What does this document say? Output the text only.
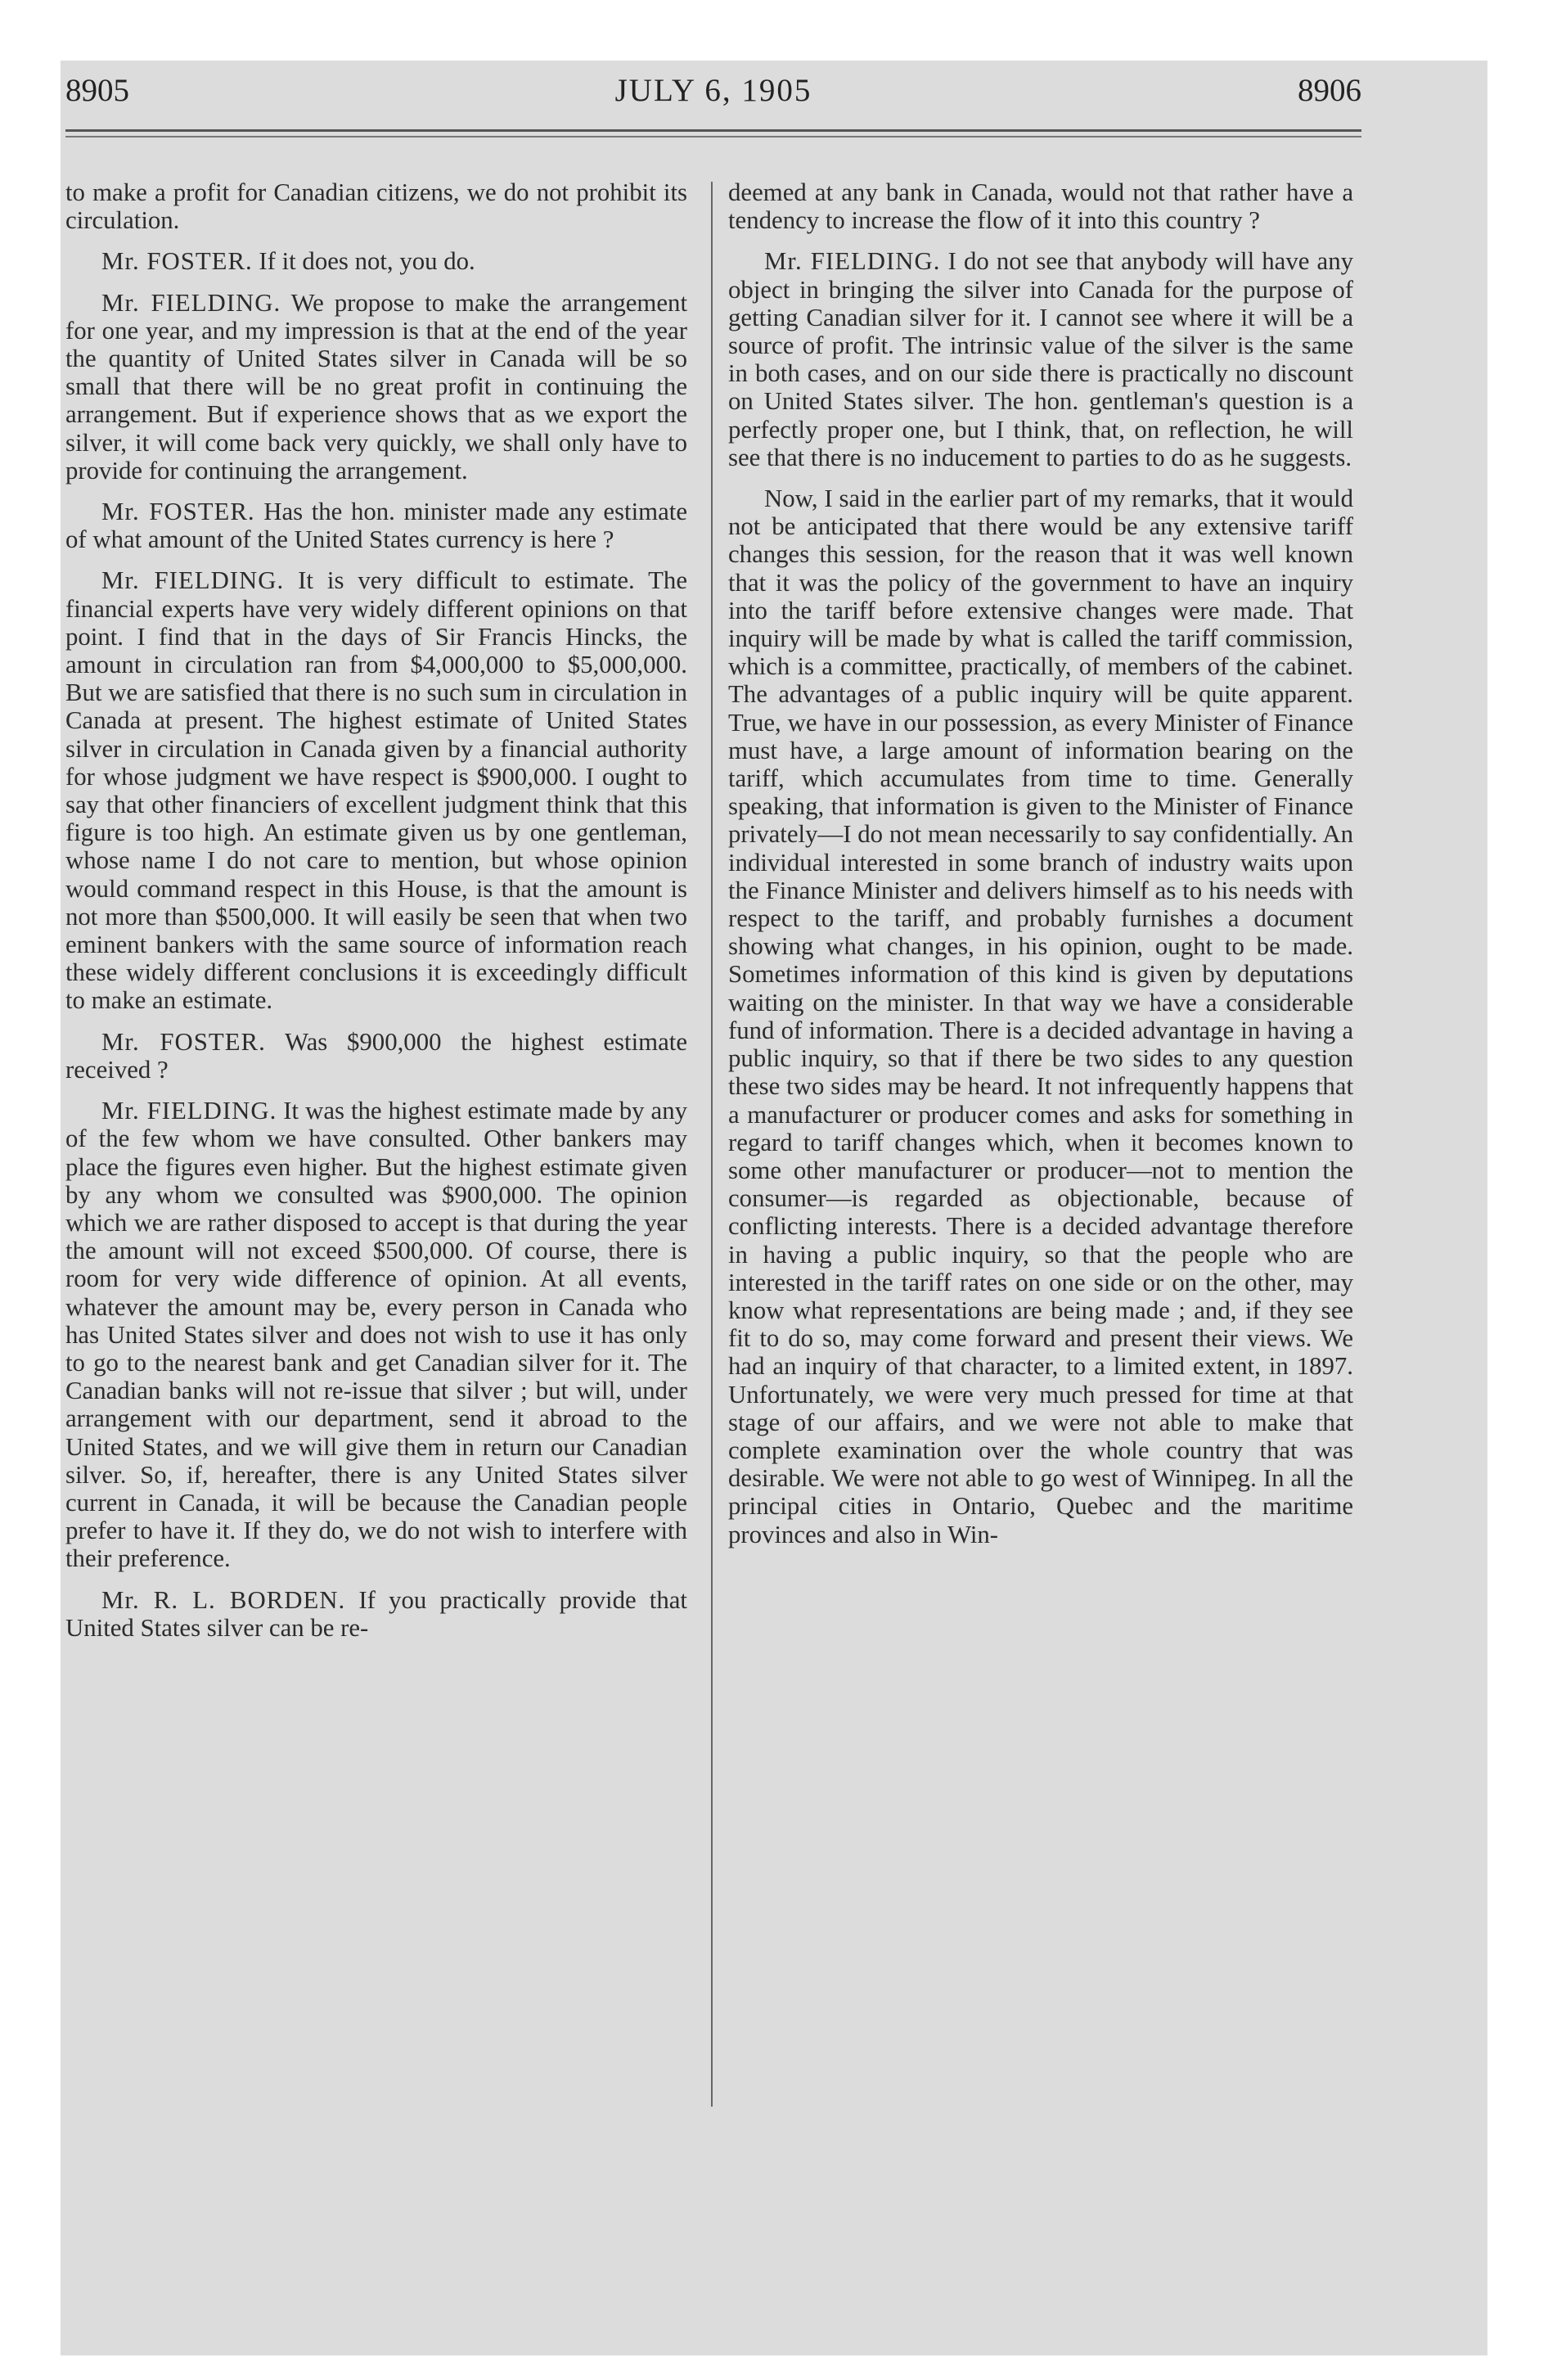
8905	JULY 6, 1905	8906

to make a profit for Canadian citizens, we do not prohibit its circulation.

Mr. FOSTER. If it does not, you do.

Mr. FIELDING. We propose to make the arrangement for one year, and my impression is that at the end of the year the quantity of United States silver in Canada will be so small that there will be no great profit in continuing the arrangement. But if experience shows that as we export the silver, it will come back very quickly, we shall only have to provide for continuing the arrangement.

Mr. FOSTER. Has the hon. minister made any estimate of what amount of the United States currency is here ?

Mr. FIELDING. It is very difficult to estimate. The financial experts have very widely different opinions on that point. I find that in the days of Sir Francis Hincks, the amount in circulation ran from $4,000,000 to $5,000,000. But we are satisfied that there is no such sum in circulation in Canada at present. The highest estimate of United States silver in circulation in Canada given by a financial authority for whose judgment we have respect is $900,000. I ought to say that other financiers of excellent judgment think that this figure is too high. An estimate given us by one gentleman, whose name I do not care to mention, but whose opinion would command respect in this House, is that the amount is not more than $500,000. It will easily be seen that when two eminent bankers with the same source of information reach these widely different conclusions it is exceedingly difficult to make an estimate.

Mr. FOSTER. Was $900,000 the highest estimate received ?

Mr. FIELDING. It was the highest estimate made by any of the few whom we have consulted. Other bankers may place the figures even higher. But the highest estimate given by any whom we consulted was $900,000. The opinion which we are rather disposed to accept is that during the year the amount will not exceed $500,000. Of course, there is room for very wide difference of opinion. At all events, whatever the amount may be, every person in Canada who has United States silver and does not wish to use it has only to go to the nearest bank and get Canadian silver for it. The Canadian banks will not re-issue that silver ; but will, under arrangement with our department, send it abroad to the United States, and we will give them in return our Canadian silver. So, if, hereafter, there is any United States silver current in Canada, it will be because the Canadian people prefer to have it. If they do, we do not wish to interfere with their preference.

Mr. R. L. BORDEN. If you practically provide that United States silver can be re-

deemed at any bank in Canada, would not that rather have a tendency to increase the flow of it into this country ?

Mr. FIELDING. I do not see that anybody will have any object in bringing the silver into Canada for the purpose of getting Canadian silver for it. I cannot see where it will be a source of profit. The intrinsic value of the silver is the same in both cases, and on our side there is practically no discount on United States silver. The hon. gentleman's question is a perfectly proper one, but I think, that, on reflection, he will see that there is no inducement to parties to do as he suggests.

Now, I said in the earlier part of my remarks, that it would not be anticipated that there would be any extensive tariff changes this session, for the reason that it was well known that it was the policy of the government to have an inquiry into the tariff before extensive changes were made. That inquiry will be made by what is called the tariff commission, which is a committee, practically, of members of the cabinet. The advantages of a public inquiry will be quite apparent. True, we have in our possession, as every Minister of Finance must have, a large amount of information bearing on the tariff, which accumulates from time to time. Generally speaking, that information is given to the Minister of Finance privately—I do not mean necessarily to say confidentially. An individual interested in some branch of industry waits upon the Finance Minister and delivers himself as to his needs with respect to the tariff, and probably furnishes a document showing what changes, in his opinion, ought to be made. Sometimes information of this kind is given by deputations waiting on the minister. In that way we have a considerable fund of information. There is a decided advantage in having a public inquiry, so that if there be two sides to any question these two sides may be heard. It not infrequently happens that a manufacturer or producer comes and asks for something in regard to tariff changes which, when it becomes known to some other manufacturer or producer—not to mention the consumer—is regarded as objectionable, because of conflicting interests. There is a decided advantage therefore in having a public inquiry, so that the people who are interested in the tariff rates on one side or on the other, may know what representations are being made ; and, if they see fit to do so, may come forward and present their views. We had an inquiry of that character, to a limited extent, in 1897. Unfortunately, we were very much pressed for time at that stage of our affairs, and we were not able to make that complete examination over the whole country that was desirable. We were not able to go west of Winnipeg. In all the principal cities in Ontario, Quebec and the maritime provinces and also in Win-
